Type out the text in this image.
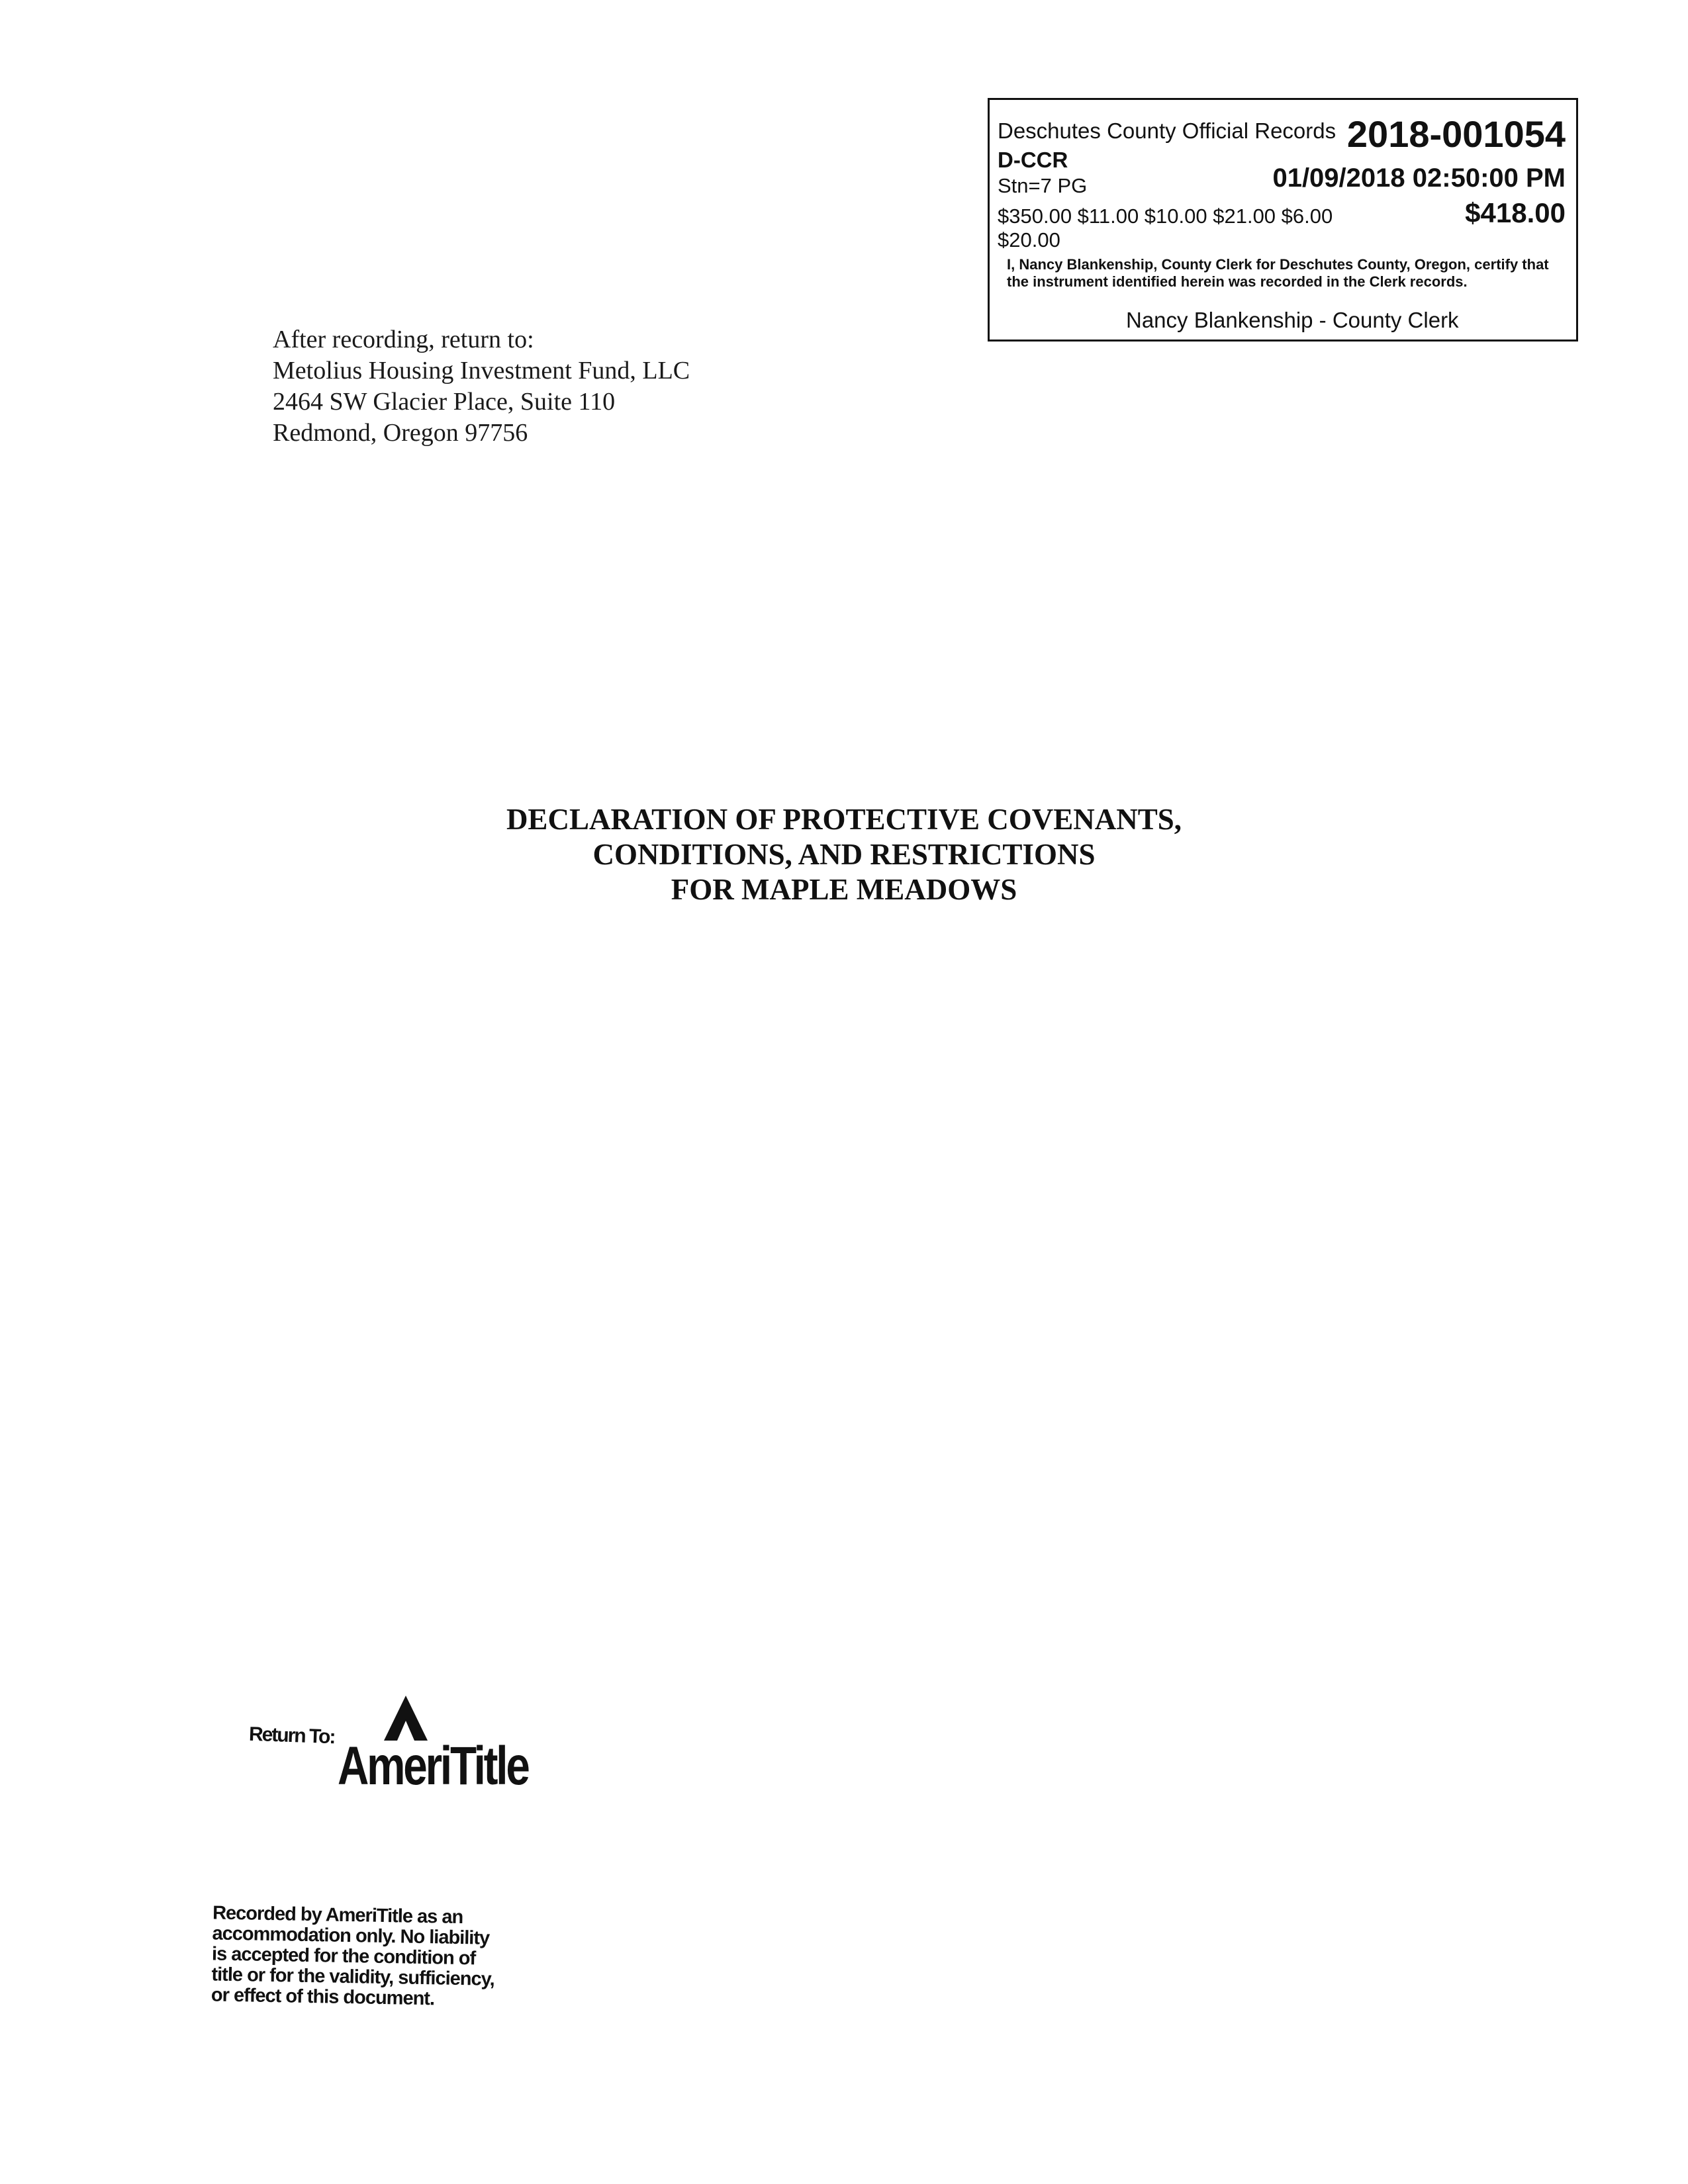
Deschutes County Official Records 2018-001054
D-CCR
Stn=7 PG	01/09/2018 02:50:00 PM
$350.00 $11.00 $10.00 $21.00 $6.00	$418.00
$20.00
I, Nancy Blankenship, County Clerk for Deschutes County, Oregon, certify that the instrument identified herein was recorded in the Clerk records.
Nancy Blankenship - County Clerk
After recording, return to:
Metolius Housing Investment Fund, LLC
2464 SW Glacier Place, Suite 110
Redmond, Oregon 97756
DECLARATION OF PROTECTIVE COVENANTS,
CONDITIONS, AND RESTRICTIONS
FOR MAPLE MEADOWS
Return To:
AmeriTitle
Recorded by AmeriTitle as an
accommodation only. No liability
is accepted for the condition of
title or for the validity, sufficiency,
or effect of this document.
